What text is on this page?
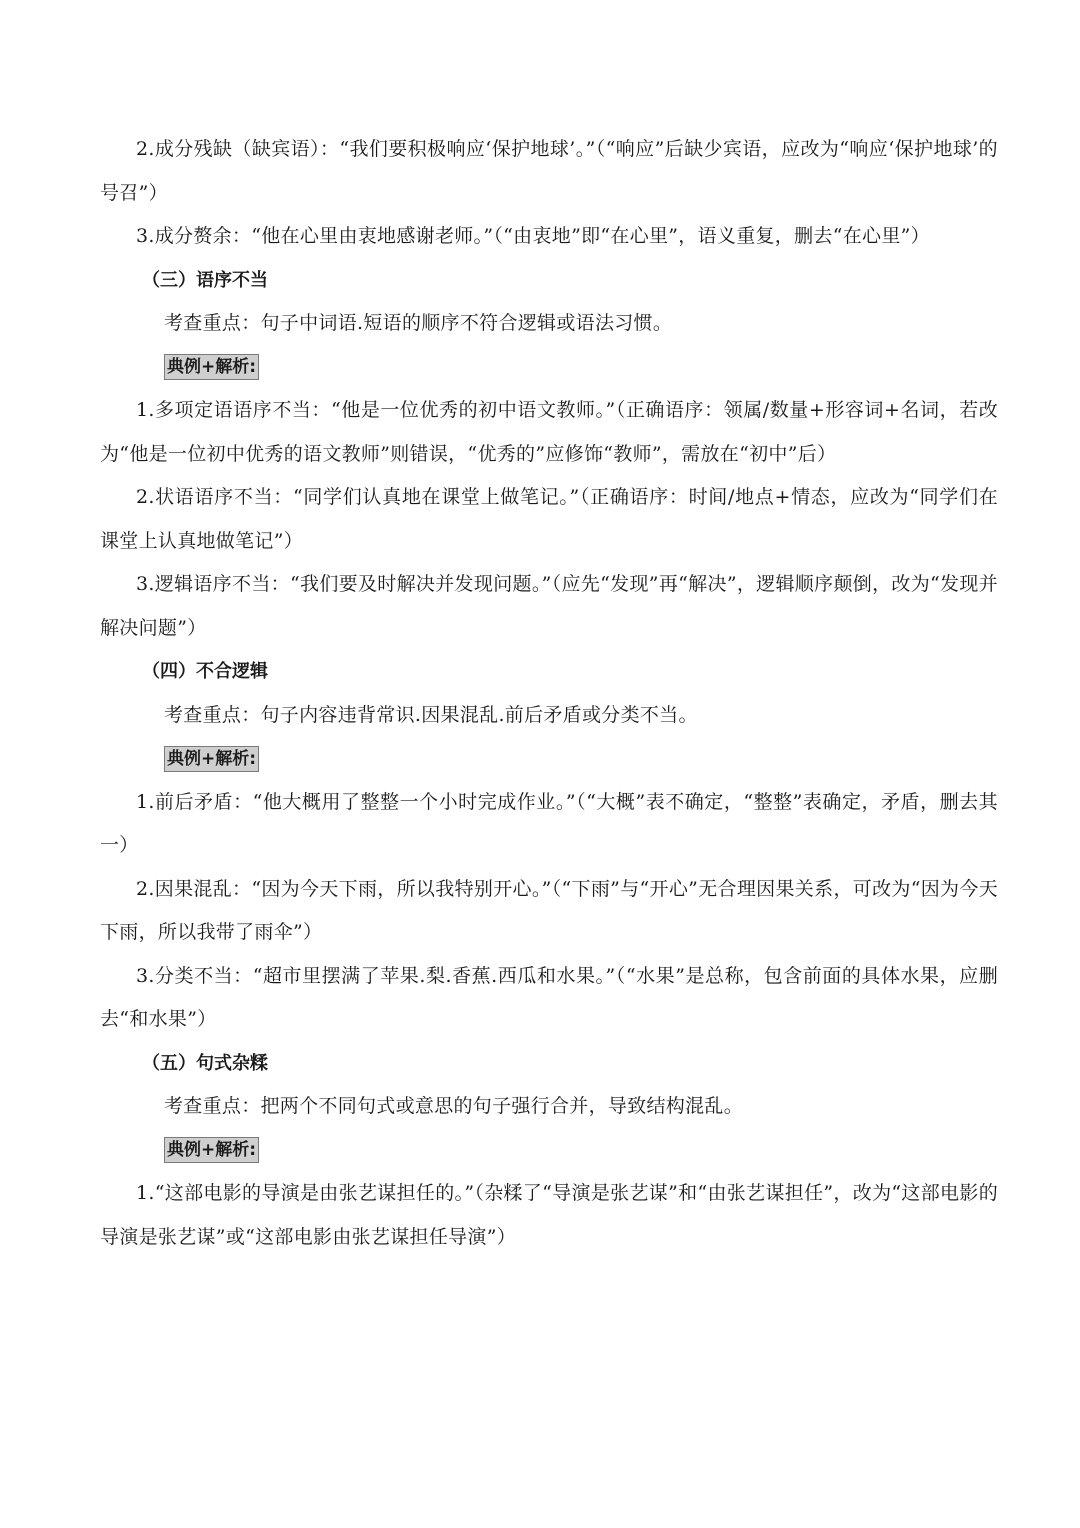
2.成分残缺（缺宾语）：“我们要积极响应‘保护地球’。”（“响应”后缺少宾语，应改为“响应‘保护地球’的号召”）

3.成分赘余：“他在心里由衷地感谢老师。”（“由衷地”即“在心里”，语义重复，删去“在心里”）

（三）语序不当

考查重点：句子中词语.短语的顺序不符合逻辑或语法习惯。

典例+解析:

1.多项定语语序不当：“他是一位优秀的初中语文教师。”（正确语序：领属/数量+形容词+名词，若改为“他是一位初中优秀的语文教师”则错误，“优秀的”应修饰“教师”，需放在“初中”后）

2.状语语序不当：“同学们认真地在课堂上做笔记。”（正确语序：时间/地点+情态，应改为“同学们在课堂上认真地做笔记”）

3.逻辑语序不当：“我们要及时解决并发现问题。”（应先“发现”再“解决”，逻辑顺序颠倒，改为“发现并解决问题”）

（四）不合逻辑

考查重点：句子内容违背常识.因果混乱.前后矛盾或分类不当。

典例+解析:

1.前后矛盾：“他大概用了整整一个小时完成作业。”（“大概”表不确定，“整整”表确定，矛盾，删去其一）

2.因果混乱：“因为今天下雨，所以我特别开心。”（“下雨”与“开心”无合理因果关系，可改为“因为今天下雨，所以我带了雨伞”）

3.分类不当：“超市里摆满了苹果.梨.香蕉.西瓜和水果。”（“水果”是总称，包含前面的具体水果，应删去“和水果”）

（五）句式杂糅

考查重点：把两个不同句式或意思的句子强行合并，导致结构混乱。

典例+解析:

1.“这部电影的导演是由张艺谋担任的。”（杂糅了“导演是张艺谋”和“由张艺谋担任”，改为“这部电影的导演是张艺谋”或“这部电影由张艺谋担任导演”）
